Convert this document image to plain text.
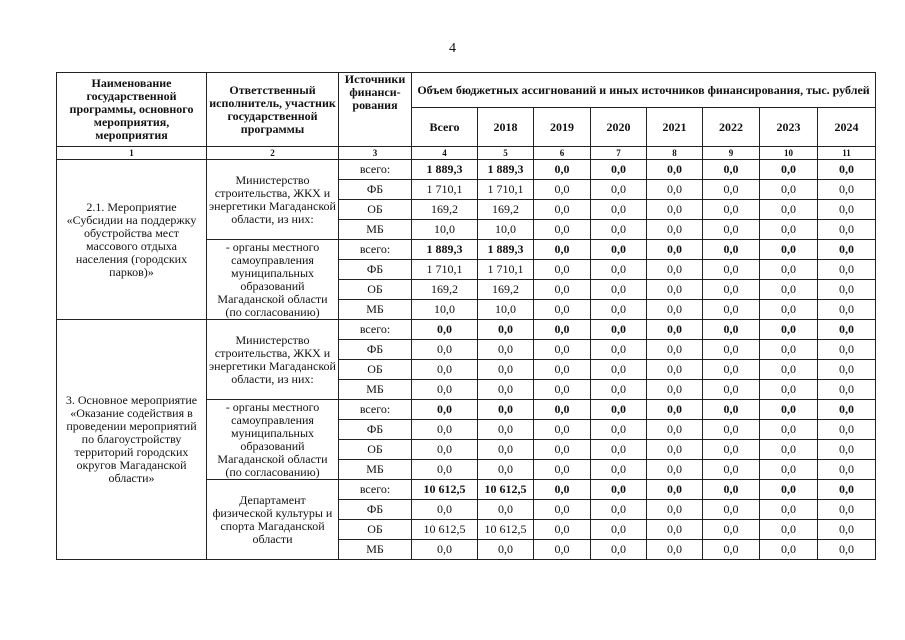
4
Наименование государственной программы, основного мероприятия, мероприятия	Ответственный исполнитель, участник государственной программы	Источники финанси-рования	Объем бюджетных ассигнований и иных источников финансирования, тыс. рублей							
			Всего	2018	2019	2020	2021	2022	2023	2024
1	2	3	4	5	6	7	8	9	10	11
2.1. Мероприятие «Субсидии на поддержку обустройства мест массового отдыха населения (городских парков)»	Министерство строительства, ЖКХ и энергетики Магаданской области, из них:	всего:	1 889,3	1 889,3	0,0	0,0	0,0	0,0	0,0	0,0
		ФБ	1 710,1	1 710,1	0,0	0,0	0,0	0,0	0,0	0,0
		ОБ	169,2	169,2	0,0	0,0	0,0	0,0	0,0	0,0
		МБ	10,0	10,0	0,0	0,0	0,0	0,0	0,0	0,0
	- органы местного самоуправления муниципальных образований Магаданской области (по согласованию)	всего:	1 889,3	1 889,3	0,0	0,0	0,0	0,0	0,0	0,0
		ФБ	1 710,1	1 710,1	0,0	0,0	0,0	0,0	0,0	0,0
		ОБ	169,2	169,2	0,0	0,0	0,0	0,0	0,0	0,0
		МБ	10,0	10,0	0,0	0,0	0,0	0,0	0,0	0,0
3. Основное мероприятие «Оказание содействия в проведении мероприятий по благоустройству территорий городских округов Магаданской области»	Министерство строительства, ЖКХ и энергетики Магаданской области, из них:	всего:	0,0	0,0	0,0	0,0	0,0	0,0	0,0	0,0
		ФБ	0,0	0,0	0,0	0,0	0,0	0,0	0,0	0,0
		ОБ	0,0	0,0	0,0	0,0	0,0	0,0	0,0	0,0
		МБ	0,0	0,0	0,0	0,0	0,0	0,0	0,0	0,0
	- органы местного самоуправления муниципальных образований Магаданской области (по согласованию)	всего:	0,0	0,0	0,0	0,0	0,0	0,0	0,0	0,0
		ФБ	0,0	0,0	0,0	0,0	0,0	0,0	0,0	0,0
		ОБ	0,0	0,0	0,0	0,0	0,0	0,0	0,0	0,0
		МБ	0,0	0,0	0,0	0,0	0,0	0,0	0,0	0,0
	Департамент физической культуры и спорта Магаданской области	всего:	10 612,5	10 612,5	0,0	0,0	0,0	0,0	0,0	0,0
		ФБ	0,0	0,0	0,0	0,0	0,0	0,0	0,0	0,0
		ОБ	10 612,5	10 612,5	0,0	0,0	0,0	0,0	0,0	0,0
		МБ	0,0	0,0	0,0	0,0	0,0	0,0	0,0	0,0
